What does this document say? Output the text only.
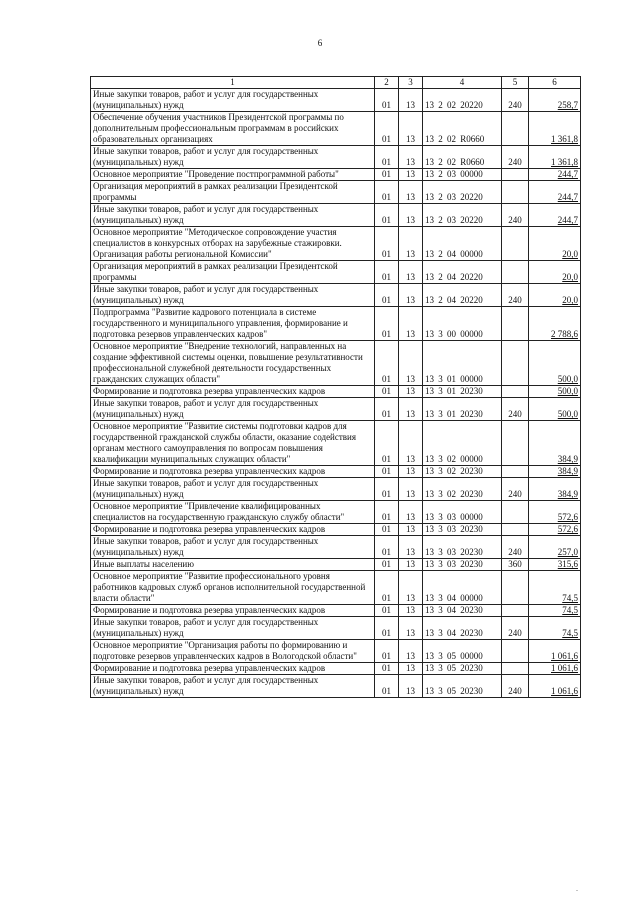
6
1	2	3	4	5	6
Иные закупки товаров, работ и услуг для государственных (муниципальных) нужд	01	13	13 2 02 20220	240	258,7
Обеспечение обучения участников Президентской программы по дополнительным профессиональным программам в российских образовательных организациях	01	13	13 2 02 R0660		1 361,8
Иные закупки товаров, работ и услуг для государственных (муниципальных) нужд	01	13	13 2 02 R0660	240	1 361,8
Основное мероприятие "Проведение постпрограммной работы"	01	13	13 2 03 00000		244,7
Организация мероприятий в рамках реализации Президентской программы	01	13	13 2 03 20220		244,7
Иные закупки товаров, работ и услуг для государственных (муниципальных) нужд	01	13	13 2 03 20220	240	244,7
Основное мероприятие "Методическое сопровождение участия специалистов в конкурсных отборах на зарубежные стажировки. Организация работы региональной Комиссии"	01	13	13 2 04 00000		20,0
Организация мероприятий в рамках реализации Президентской программы	01	13	13 2 04 20220		20,0
Иные закупки товаров, работ и услуг для государственных (муниципальных) нужд	01	13	13 2 04 20220	240	20,0
Подпрограмма "Развитие кадрового потенциала в системе государственного и муниципального управления, формирование и подготовка резервов управленческих кадров"	01	13	13 3 00 00000		2 788,6
Основное мероприятие "Внедрение технологий, направленных на создание эффективной системы оценки, повышение результативности профессиональной служебной деятельности государственных гражданских служащих области"	01	13	13 3 01 00000		500,0
Формирование и подготовка резерва управленческих кадров	01	13	13 3 01 20230		500,0
Иные закупки товаров, работ и услуг для государственных (муниципальных) нужд	01	13	13 3 01 20230	240	500,0
Основное мероприятие "Развитие системы подготовки кадров для государственной гражданской службы области, оказание содействия органам местного самоуправления по вопросам повышения квалификации муниципальных служащих области"	01	13	13 3 02 00000		384,9
Формирование и подготовка резерва управленческих кадров	01	13	13 3 02 20230		384,9
Иные закупки товаров, работ и услуг для государственных (муниципальных) нужд	01	13	13 3 02 20230	240	384,9
Основное мероприятие "Привлечение квалифицированных специалистов на государственную гражданскую службу области"	01	13	13 3 03 00000		572,6
Формирование и подготовка резерва управленческих кадров	01	13	13 3 03 20230		572,6
Иные закупки товаров, работ и услуг для государственных (муниципальных) нужд	01	13	13 3 03 20230	240	257,0
Иные выплаты населению	01	13	13 3 03 20230	360	315,6
Основное мероприятие "Развитие профессионального уровня работников кадровых служб органов исполнительной государственной власти области"	01	13	13 3 04 00000		74,5
Формирование и подготовка резерва управленческих кадров	01	13	13 3 04 20230		74,5
Иные закупки товаров, работ и услуг для государственных (муниципальных) нужд	01	13	13 3 04 20230	240	74,5
Основное мероприятие "Организация работы по формированию и подготовке резервов управленческих кадров в Вологодской области"	01	13	13 3 05 00000		1 061,6
Формирование и подготовка резерва управленческих кадров	01	13	13 3 05 20230		1 061,6
Иные закупки товаров, работ и услуг для государственных (муниципальных) нужд	01	13	13 3 05 20230	240	1 061,6
.
